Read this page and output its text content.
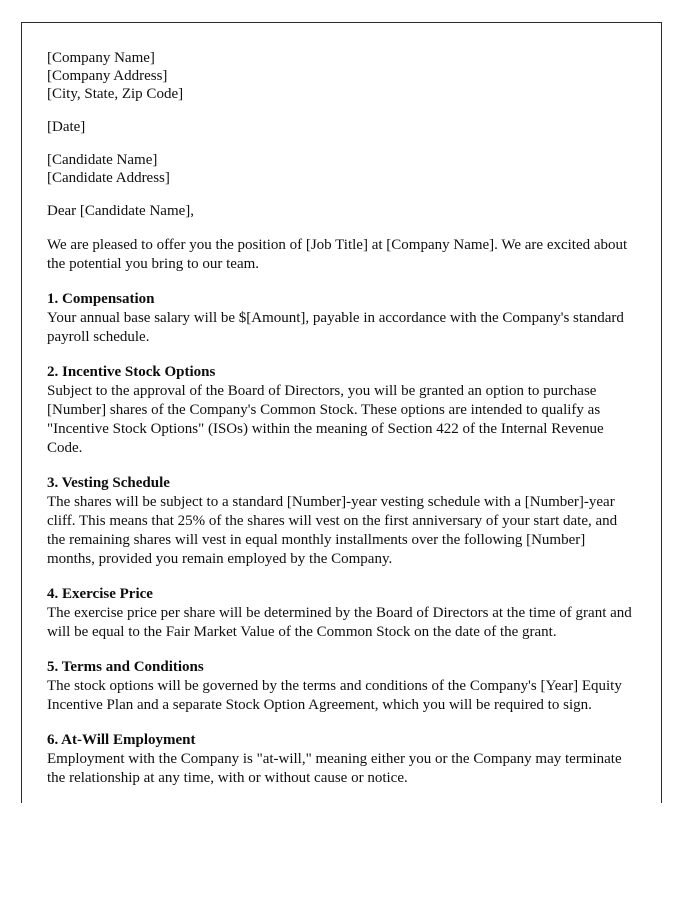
[Company Name]

[Company Address]

[City, State, Zip Code]

[Date]

[Candidate Name]

[Candidate Address]

Dear [Candidate Name],

We are pleased to offer you the position of [Job Title] at [Company Name]. We are excited about the potential you bring to our team.

1. Compensation

Your annual base salary will be $[Amount], payable in accordance with the Company's standard payroll schedule.

2. Incentive Stock Options

Subject to the approval of the Board of Directors, you will be granted an option to purchase [Number] shares of the Company's Common Stock. These options are intended to qualify as "Incentive Stock Options" (ISOs) within the meaning of Section 422 of the Internal Revenue Code.

3. Vesting Schedule

The shares will be subject to a standard [Number]-year vesting schedule with a [Number]-year cliff. This means that 25% of the shares will vest on the first anniversary of your start date, and the remaining shares will vest in equal monthly installments over the following [Number] months, provided you remain employed by the Company.

4. Exercise Price

The exercise price per share will be determined by the Board of Directors at the time of grant and will be equal to the Fair Market Value of the Common Stock on the date of the grant.

5. Terms and Conditions

The stock options will be governed by the terms and conditions of the Company's [Year] Equity Incentive Plan and a separate Stock Option Agreement, which you will be required to sign.

6. At-Will Employment

Employment with the Company is "at-will," meaning either you or the Company may terminate the relationship at any time, with or without cause or notice.
